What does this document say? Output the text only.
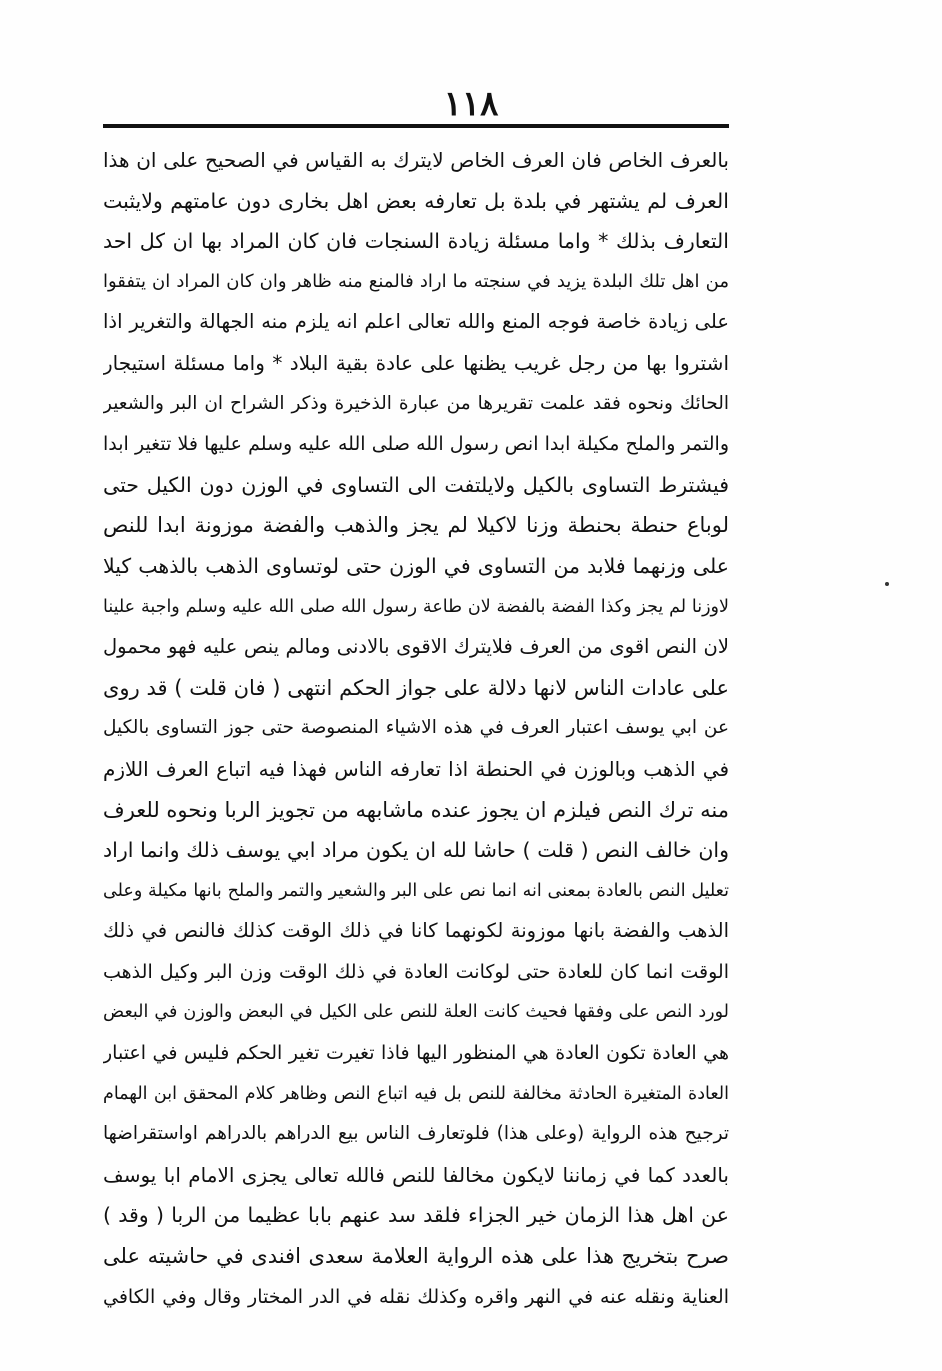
١١٨
بالعرف الخاص فان العرف الخاص لايترك به القياس في الصحيح على ان هذا
العرف لم يشتهر في بلدة بل تعارفه بعض اهل بخارى دون عامتهم ولايثبت
التعارف بذلك * واما مسئلة زيادة السنجات فان كان المراد بها ان كل احد
من اهل تلك البلدة يزيد في سنجته ما اراد فالمنع منه ظاهر وان كان المراد ان يتفقوا
على زيادة خاصة فوجه المنع والله تعالى اعلم انه يلزم منه الجهالة والتغرير اذا
اشتروا بها من رجل غريب يظنها على عادة بقية البلاد * واما مسئلة استيجار
الحائك ونحوه فقد علمت تقريرها من عبارة الذخيرة وذكر الشراح ان البر والشعير
والتمر والملح مكيلة ابدا انص رسول الله صلى الله عليه وسلم عليها فلا تتغير ابدا
فيشترط التساوى بالكيل ولايلتفت الى التساوى في الوزن دون الكيل حتى
لوباع حنطة بحنطة وزنا لاكيلا لم يجز والذهب والفضة موزونة ابدا للنص
على وزنهما فلابد من التساوى في الوزن حتى لوتساوى الذهب بالذهب كيلا
لاوزنا لم يجز وكذا الفضة بالفضة لان طاعة رسول الله صلى الله عليه وسلم واجبة علينا
لان النص اقوى من العرف فلايترك الاقوى بالادنى ومالم ينص عليه فهو محمول
على عادات الناس لانها دلالة على جواز الحكم انتهى ( فان قلت ) قد روى
عن ابي يوسف اعتبار العرف في هذه الاشياء المنصوصة حتى جوز التساوى بالكيل
في الذهب وبالوزن في الحنطة اذا تعارفه الناس فهذا فيه اتباع العرف اللازم
منه ترك النص فيلزم ان يجوز عنده ماشابهه من تجويز الربا ونحوه للعرف
وان خالف النص ( قلت ) حاشا لله ان يكون مراد ابي يوسف ذلك وانما اراد
تعليل النص بالعادة بمعنى انه انما نص على البر والشعير والتمر والملح بانها مكيلة وعلى
الذهب والفضة بانها موزونة لكونهما كانا في ذلك الوقت كذلك فالنص في ذلك
الوقت انما كان للعادة حتى لوكانت العادة في ذلك الوقت وزن البر وكيل الذهب
لورد النص على وفقها فحيث كانت العلة للنص على الكيل في البعض والوزن في البعض
هي العادة تكون العادة هي المنظور اليها فاذا تغيرت تغير الحكم فليس في اعتبار
العادة المتغيرة الحادثة مخالفة للنص بل فيه اتباع النص وظاهر كلام المحقق ابن الهمام
ترجيح هذه الرواية (وعلى هذا) فلوتعارف الناس بيع الدراهم بالدراهم اواستقراضها
بالعدد كما في زماننا لايكون مخالفا للنص فالله تعالى يجزى الامام ابا يوسف
عن اهل هذا الزمان خير الجزاء فلقد سد عنهم بابا عظيما من الربا ( وقد )
صرح بتخريج هذا على هذه الرواية العلامة سعدى افندى في حاشيته على
العناية ونقله عنه في النهر واقره وكذلك نقله في الدر المختار وقال وفي الكافي
